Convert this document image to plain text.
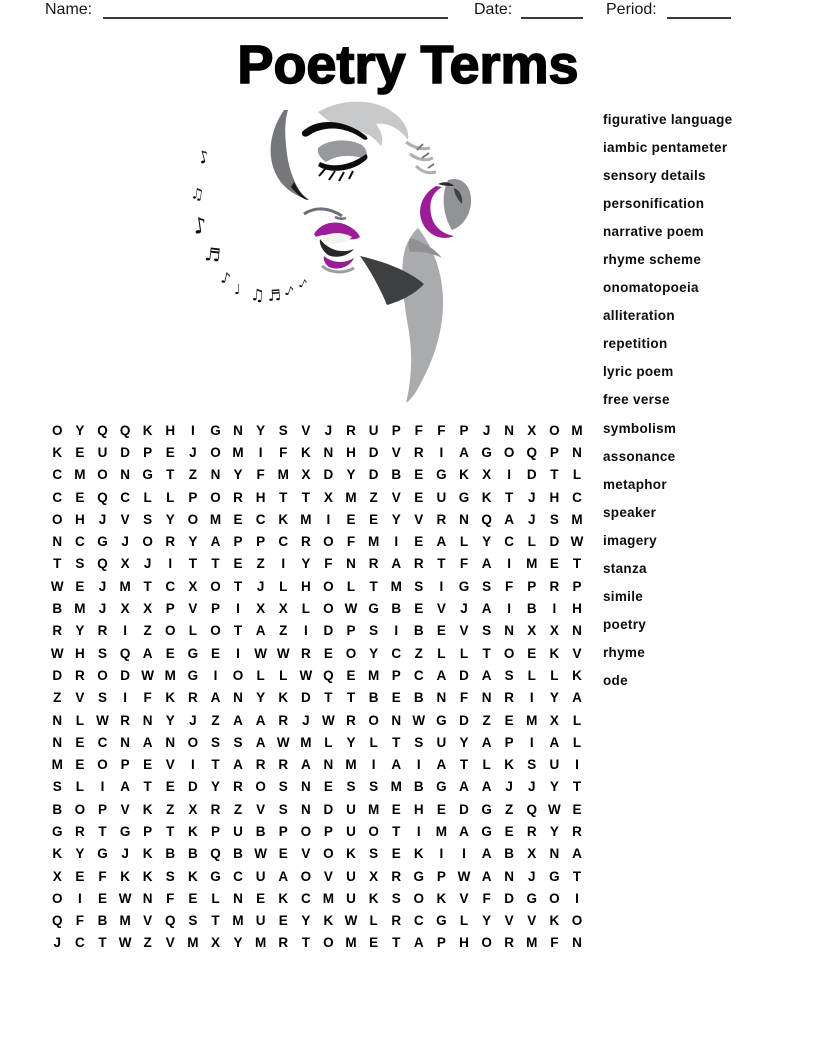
Name:	Date:	Period:
Poetry Terms
♪
♫
♪
♬
♪
♩ ♫ ♬ ♪ ♪
figurative language
iambic pentameter
sensory details
personification
narrative poem
rhyme scheme
onomatopoeia
alliteration
repetition
lyric poem
free verse
symbolism
assonance
metaphor
speaker
imagery
stanza
simile
poetry
rhyme
ode
O Y Q Q K H	I	G N Y	S	V	J	R U P	F	F	P	J	N X O M
K E U D P	E	J	O M	I	F	K N H D V R	I	A G O Q P N
C M O N G T	Z	N Y	F M X D Y D B E G K X	I	D	T	L
C E Q C	L	L	P O R H	T	T	X M Z	V	E U G K	T	J	H C
O H	J	V	S	Y O M E C K M	I	E	E	Y	V R N Q A	J	S M
N C G	J	O R Y A P	P C R O F M	I	E A	L	Y C	L	D W
T	S Q X	J	I	T	T	E	Z	I	Y	F	N R A R	T	F	A	I	M E	T
W E	J M T	C X O T	J	L	H O L	T M S	I	G S	F	P R P
B M J	X	X	P	V	P	I	X	X	L O W G B E	V	J	A	I	B	I	H
R Y R	I	Z O L O T	A	Z	I	D P	S	I	B E	V	S N X	X N
W H S Q A E G E	I	W W R E O Y C	Z	L	L	T O E K V
D R O D W M G	I	O L	L W Q E M P C A D A S	L	L	K
Z	V	S	I	F	K R A N Y K D	T	T	B E B N	F	N R	I	Y A
N	L W R N Y	J	Z	A A R	J W R O N W G D	Z	E M X	L
N E C N A N O S	S A W M L	Y	L	T	S U Y A P	I	A	L
M E O P	E	V	I	T	A R R A N M	I	A	I	A	T	L	K S U	I
S	L	I	A	T	E D Y R O S N E	S	S M B G A A	J	J	Y	T
B O P	V K	Z	X R	Z	V	S N D U M E H E D G Z Q W E
G R	T G P	T	K P U B P O P U O T	I	M A G E R Y R
K Y G	J	K B B Q B W E	V O K S	E K	I	I	A B X N A
X	E	F	K K S K G C U A O V U X R G P W A N	J	G T
O	I	E W N	F	E	L	N E K C M U K S O K V	F	D G O	I
Q F	B M V Q S	T M U E	Y K W L	R C G L	Y	V	V K O
J	C	T W Z	V M X	Y M R	T O M E	T	A P H O R M F	N
